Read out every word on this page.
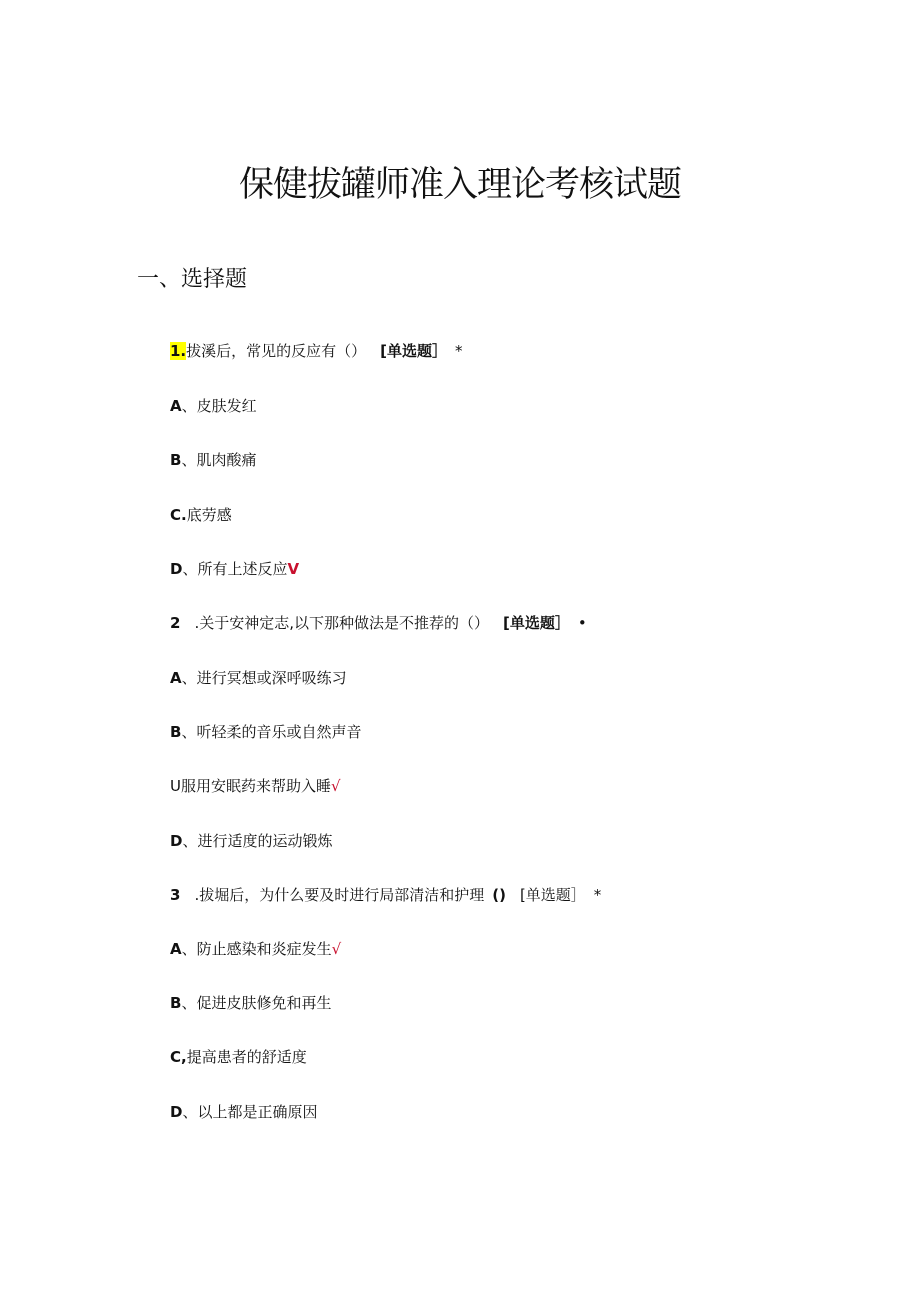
保健拔罐师准入理论考核试题
一、选择题
1.拔溪后，常见的反应有（） [单选题］ *
A、皮肤发红
B、肌肉酸痛
C.底劳感
D、所有上述反应V
2 .关于安神定志,以下那种做法是不推荐的（） [单选题］ •
A、进行冥想或深呼吸练习
B、听轻柔的音乐或自然声音
U服用安眠药来帮助入睡√
D、进行适度的运动锻炼
3 .拔堀后，为什么要及时进行局部清洁和护理 () [单选题］ *
A、防止感染和炎症发生√
B、促进皮肤修免和再生
C,提高患者的舒适度
D、以上都是正确原因
